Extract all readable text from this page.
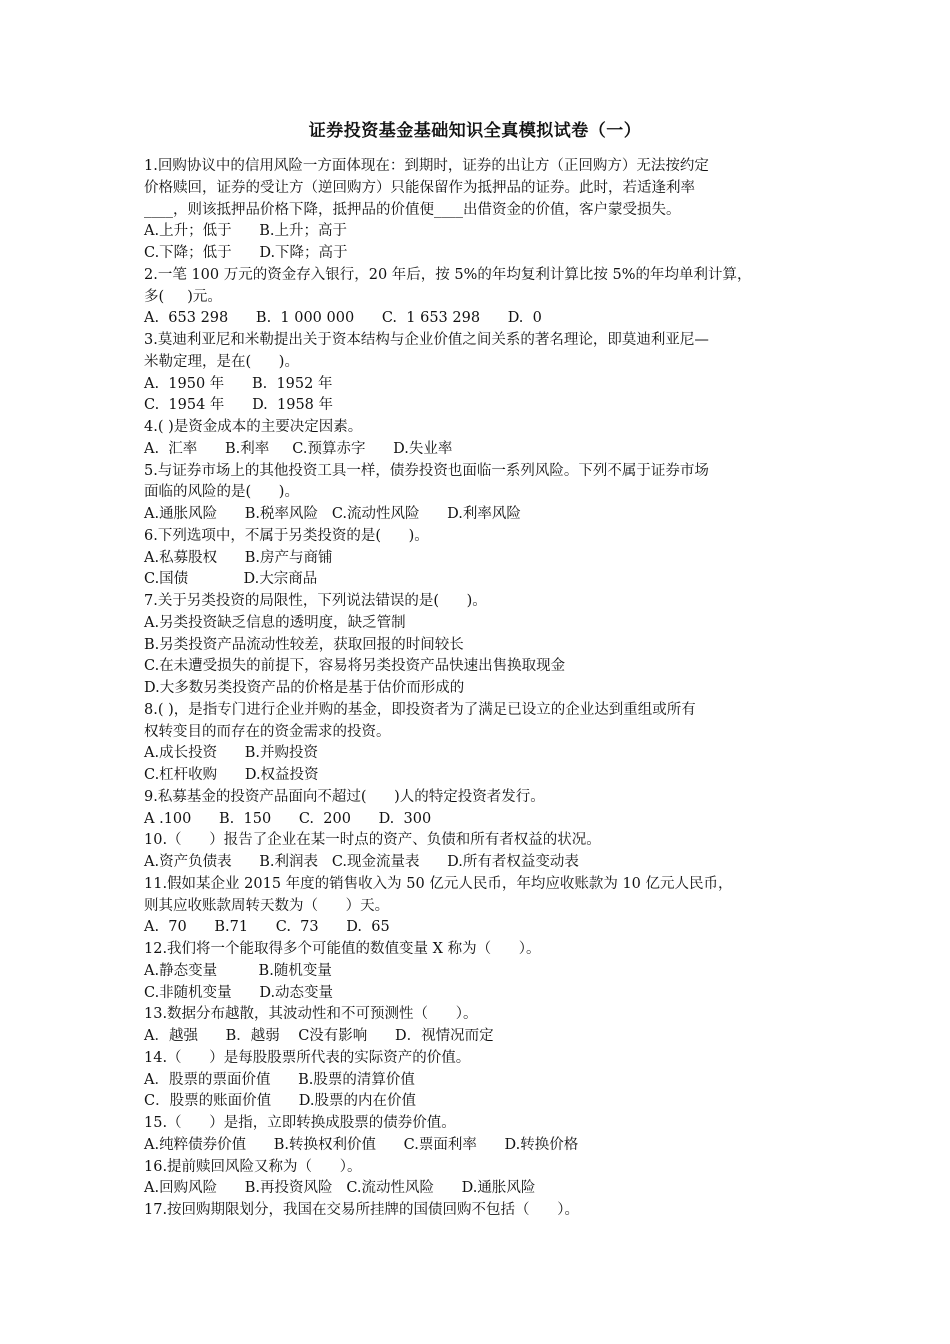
证券投资基金基础知识全真模拟试卷（一）
1.回购协议中的信用风险一方面体现在：到期时，证券的出让方（正回购方）无法按约定
价格赎回，证券的受让方（逆回购方）只能保留作为抵押品的证券。此时，若适逢利率
____，则该抵押品价格下降，抵押品的价值便____出借资金的价值，客户蒙受损失。
A.上升；低于      B.上升；高于
C.下降；低于      D.下降；高于
2.一笔 100 万元的资金存入银行，20 年后，按 5%的年均复利计算比按 5%的年均单利计算，
多(     )元。
A.  653 298      B.  1 000 000      C.  1 653 298      D.  0
3.莫迪利亚尼和米勒提出关于资本结构与企业价值之间关系的著名理论，即莫迪利亚尼—
米勒定理，是在(      )。
A.  1950 年      B.  1952 年
C.  1954 年      D.  1958 年
4.( )是资金成本的主要决定因素。
A.  汇率      B.利率     C.预算赤字      D.失业率
5.与证券市场上的其他投资工具一样，债券投资也面临一系列风险。下列不属于证券市场
面临的风险的是(      )。
A.通胀风险      B.税率风险   C.流动性风险      D.利率风险
6.下列选项中，不属于另类投资的是(      )。
A.私募股权      B.房产与商铺
C.国债            D.大宗商品
7.关于另类投资的局限性，下列说法错误的是(      )。
A.另类投资缺乏信息的透明度，缺乏管制
B.另类投资产品流动性较差，获取回报的时间较长
C.在未遭受损失的前提下，容易将另类投资产品快速出售换取现金
D.大多数另类投资产品的价格是基于估价而形成的
8.( )，是指专门进行企业并购的基金，即投资者为了满足已设立的企业达到重组或所有
权转变目的而存在的资金需求的投资。
A.成长投资      B.并购投资
C.杠杆收购      D.权益投资
9.私募基金的投资产品面向不超过(      )人的特定投资者发行。
A .100      B.  150      C.  200      D.  300
10.（      ）报告了企业在某一时点的资产、负债和所有者权益的状况。
A.资产负债表      B.利润表   C.现金流量表      D.所有者权益变动表
11.假如某企业 2015 年度的销售收入为 50 亿元人民币，年均应收账款为 10 亿元人民币，
则其应收账款周转天数为（      ）天。
A.  70      B.71      C.  73      D.  65
12.我们将一个能取得多个可能值的数值变量 X 称为（      ）。
A.静态变量         B.随机变量
C.非随机变量      D.动态变量
13.数据分布越散，其波动性和不可预测性（      ）。
A．越强      B．越弱    C没有影响      D．视情况而定
14.（      ）是每股股票所代表的实际资产的价值。
A．股票的票面价值      B.股票的清算价值
C．股票的账面价值      D.股票的内在价值
15.（      ）是指，立即转换成股票的债券价值。
A.纯粹债券价值      B.转换权利价值      C.票面利率      D.转换价格
16.提前赎回风险又称为（      ）。
A.回购风险      B.再投资风险   C.流动性风险      D.通胀风险
17.按回购期限划分，我国在交易所挂牌的国债回购不包括（      ）。
